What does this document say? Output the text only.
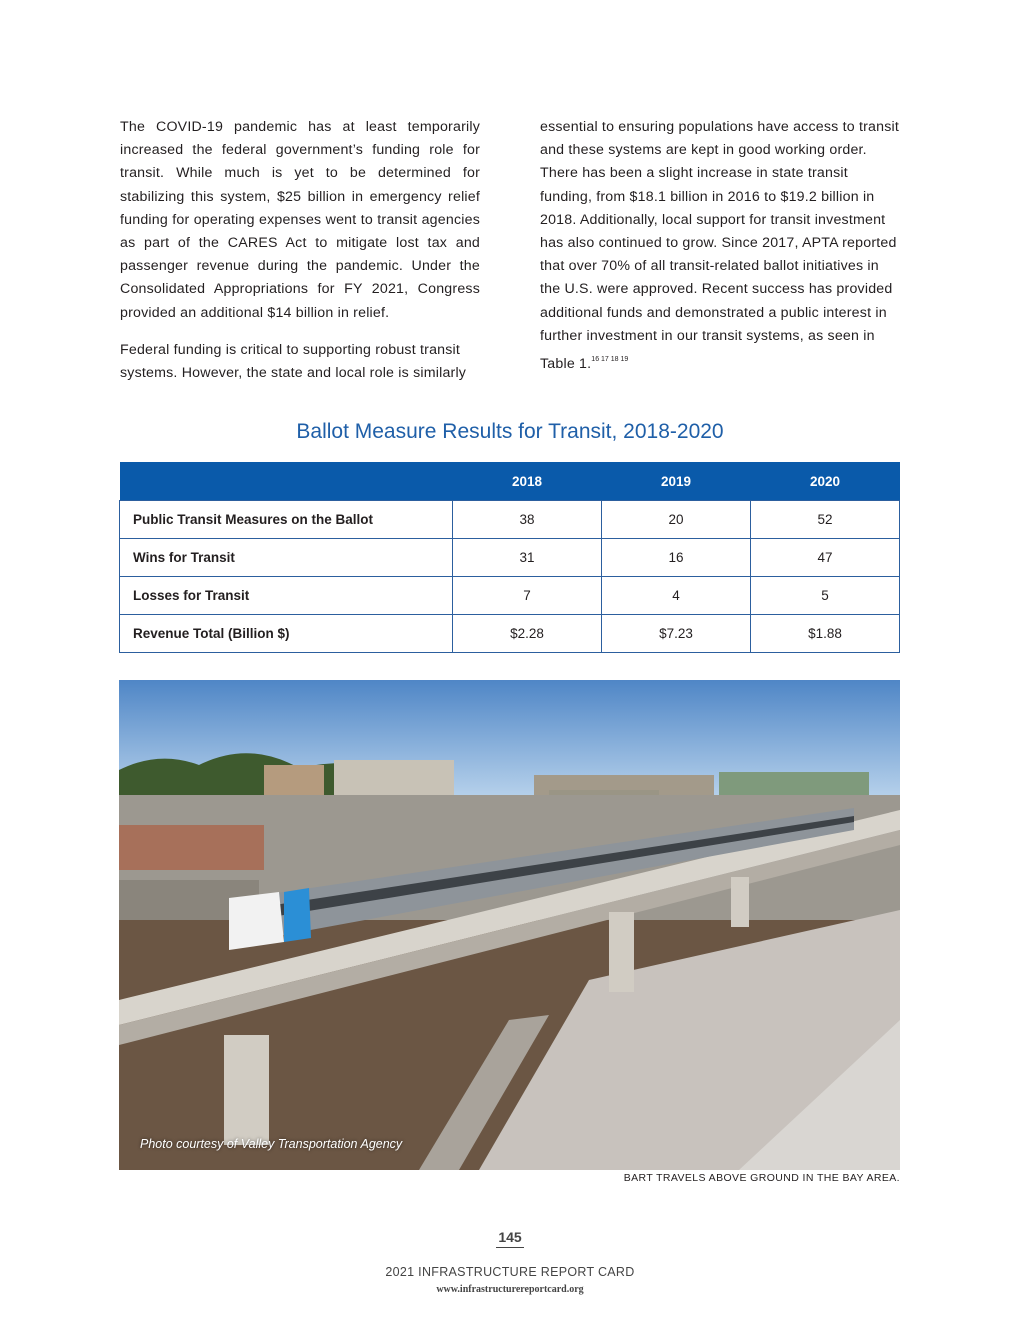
The COVID-19 pandemic has at least temporarily increased the federal government’s funding role for transit. While much is yet to be determined for stabilizing this system, $25 billion in emergency relief funding for operating expenses went to transit agencies as part of the CARES Act to mitigate lost tax and passenger revenue during the pandemic. Under the Consolidated Appropriations for FY 2021, Congress provided an additional $14 billion in relief.

Federal funding is critical to supporting robust transit systems. However, the state and local role is similarly

essential to ensuring populations have access to transit and these systems are kept in good working order. There has been a slight increase in state transit funding, from $18.1 billion in 2016 to $19.2 billion in 2018. Additionally, local support for transit investment has also continued to grow. Since 2017, APTA reported that over 70% of all transit-related ballot initiatives in the U.S. were approved. Recent success has provided additional funds and demonstrated a public interest in further investment in our transit systems, as seen in Table 1.$^{16 17 18 19}$

Ballot Measure Results for Transit, 2018-2020
	2018	2019	2020
Public Transit Measures on the Ballot	38	20	52
Wins for Transit	31	16	47
Losses for Transit	7	4	5
Revenue Total (Billion $)	$2.28	$7.23	$1.88
Photo courtesy of Valley Transportation Agency
BART TRAVELS ABOVE GROUND IN THE BAY AREA.
145
2021 INFRASTRUCTURE REPORT CARD
www.infrastructurereportcard.org
